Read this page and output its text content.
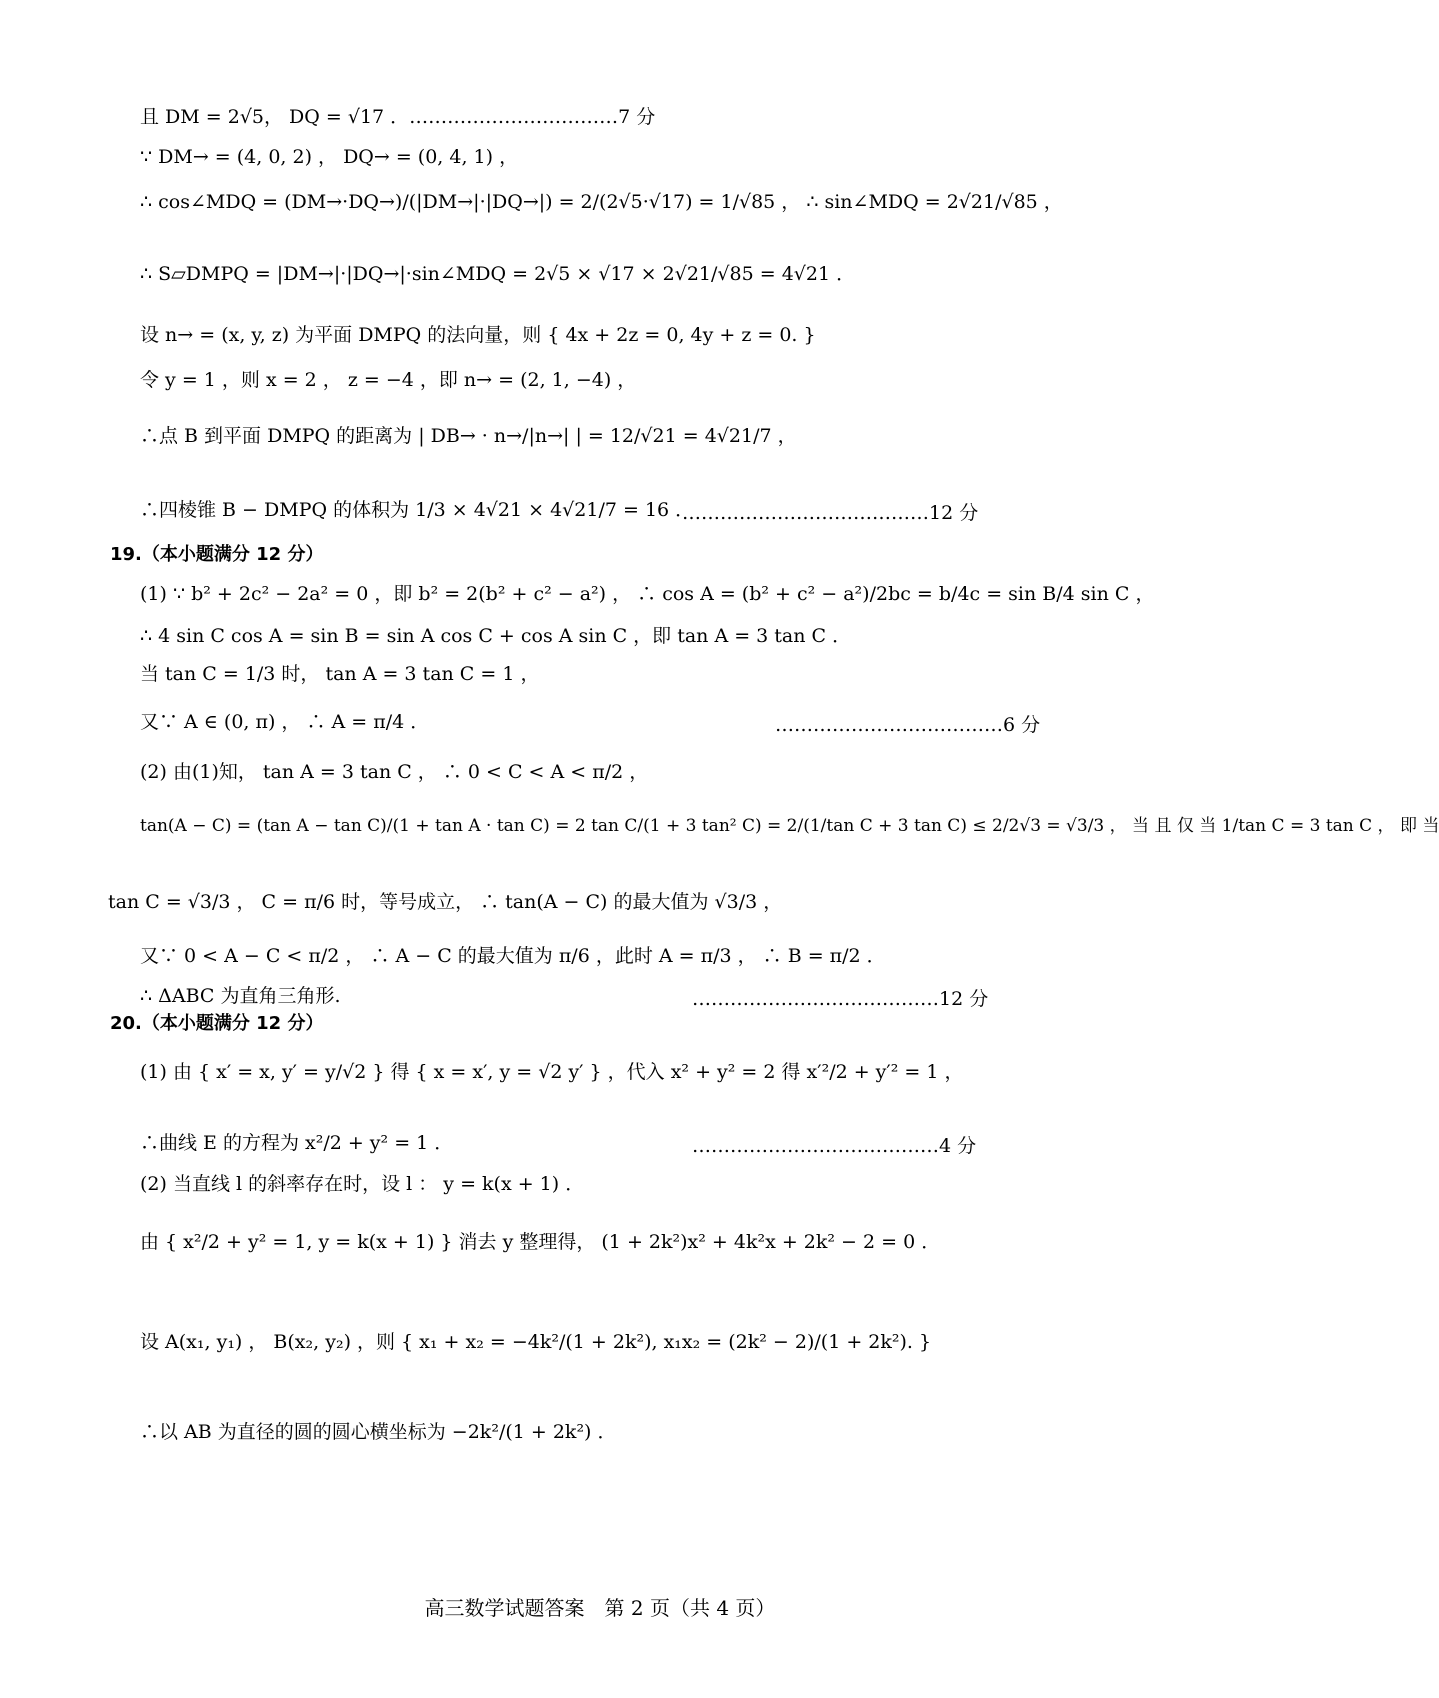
且 DM = 2√5， DQ = √17 ．……………………………7 分
∵ DM→ = (4, 0, 2) ， DQ→ = (0, 4, 1) ，
∴ cos∠MDQ = (DM→·DQ→)/(|DM→|·|DQ→|) = 2/(2√5·√17) = 1/√85 ， ∴ sin∠MDQ = 2√21/√85 ，
∴ S▱DMPQ = |DM→|·|DQ→|·sin∠MDQ = 2√5 × √17 × 2√21/√85 = 4√21 ．
设 n→ = (x, y, z) 为平面 DMPQ 的法向量，则 { 4x + 2z = 0, 4y + z = 0. }
令 y = 1 ，则 x = 2 ， z = −4 ，即 n→ = (2, 1, −4) ，
∴点 B 到平面 DMPQ 的距离为 | DB→ · n→/|n→| | = 12/√21 = 4√21/7 ，
∴四棱锥 B − DMPQ 的体积为 1/3 × 4√21 × 4√21/7 = 16 ．
…………………………………12 分
19.（本小题满分 12 分）
(1) ∵ b² + 2c² − 2a² = 0 ，即 b² = 2(b² + c² − a²) ， ∴ cos A = (b² + c² − a²)/2bc = b/4c = sin B/4 sin C ，
∴ 4 sin C cos A = sin B = sin A cos C + cos A sin C ，即 tan A = 3 tan C ．
当 tan C = 1/3 时， tan A = 3 tan C = 1 ，
又∵ A ∈ (0, π) ， ∴ A = π/4 ．	………………………………6 分
(2) 由(1)知， tan A = 3 tan C ， ∴ 0 < C < A < π/2 ，
tan(A − C) = (tan A − tan C)/(1 + tan A · tan C) = 2 tan C/(1 + 3 tan² C) = 2/(1/tan C + 3 tan C) ≤ 2/2√3 = √3/3 ， 当 且 仅 当 1/tan C = 3 tan C ， 即 当
tan C = √3/3 ， C = π/6 时，等号成立， ∴ tan(A − C) 的最大值为 √3/3 ，
又∵ 0 < A − C < π/2 ， ∴ A − C 的最大值为 π/6 ，此时 A = π/3 ， ∴ B = π/2 ．
∴ ΔABC 为直角三角形.	…………………………………12 分
20.（本小题满分 12 分）
(1) 由 { x′ = x, y′ = y/√2 } 得 { x = x′, y = √2 y′ } ，代入 x² + y² = 2 得 x′²/2 + y′² = 1 ，
∴曲线 E 的方程为 x²/2 + y² = 1 ．	…………………………………4 分
(2) 当直线 l 的斜率存在时，设 l ： y = k(x + 1) ．
由 { x²/2 + y² = 1, y = k(x + 1) } 消去 y 整理得， (1 + 2k²)x² + 4k²x + 2k² − 2 = 0 ．
设 A(x₁, y₁) ， B(x₂, y₂) ，则 { x₁ + x₂ = −4k²/(1 + 2k²), x₁x₂ = (2k² − 2)/(1 + 2k²). }
∴以 AB 为直径的圆的圆心横坐标为 −2k²/(1 + 2k²) ．
高三数学试题答案　第 2 页（共 4 页）
